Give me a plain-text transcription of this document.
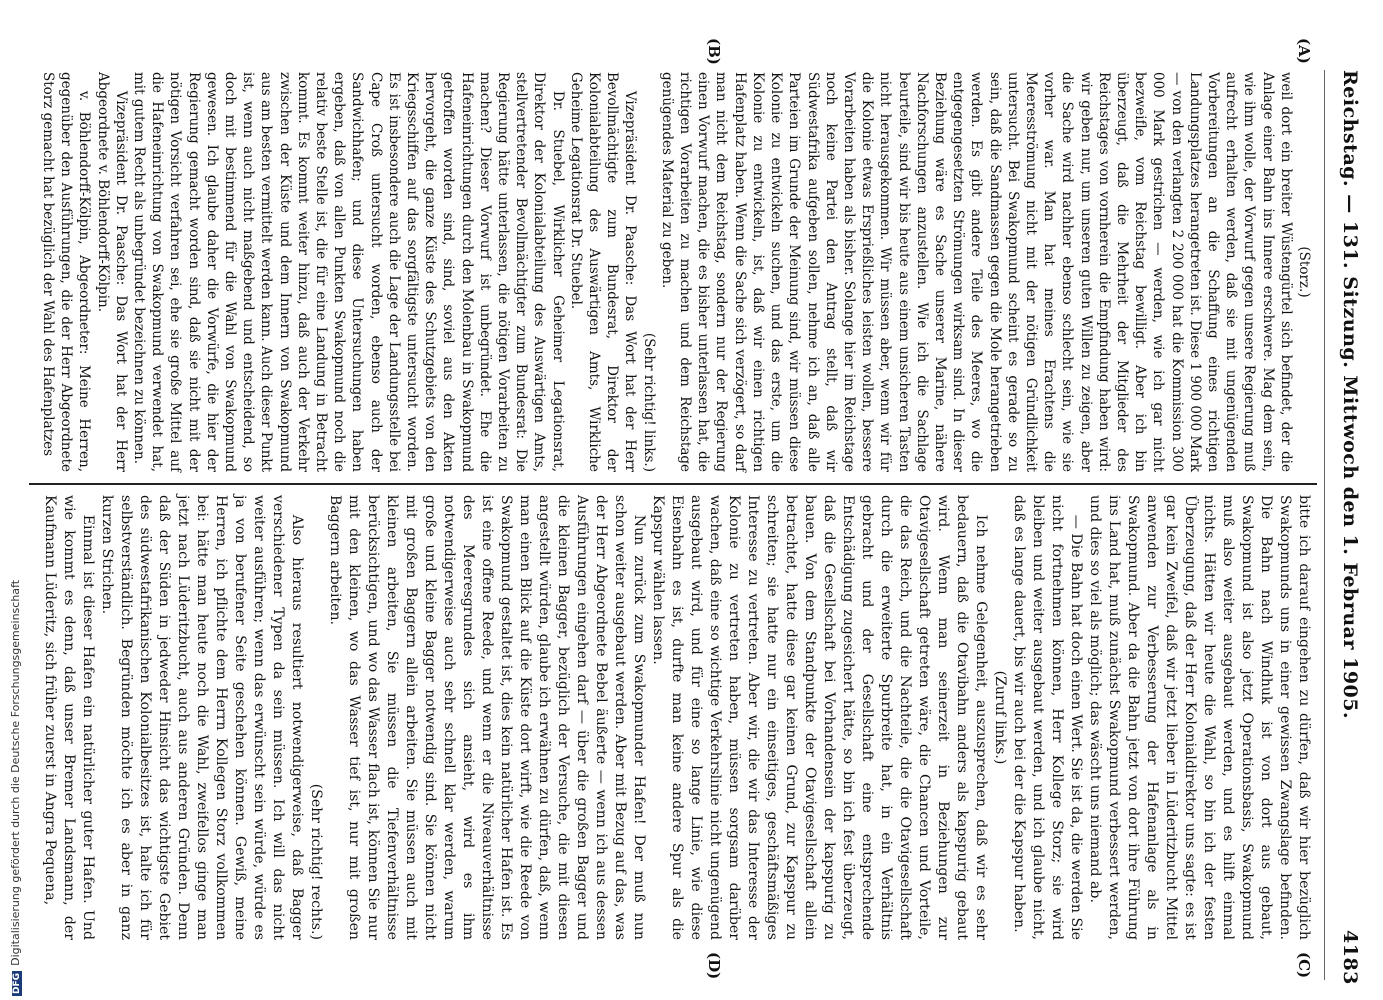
Reichstag. — 131. Sitzung. Mittwoch den 1. Februar 1905.
4183
(A)
(B)
(C)
(D)

(Storz.)

weil dort ein breiter Wüstengürtel sich befindet, der die Anlage einer Bahn ins Innere erschwere. Mag dem sein, wie ihm wolle, der Vorwurf gegen unsere Regierung muß aufrecht erhalten werden, daß sie mit ungenügenden Vorbereitungen an die Schaffung eines richtigen Landungsplatzes herangetreten ist. Diese 1 900 000 Mark — von den verlangten 2 200 000 hat die Kommission 300 000 Mark gestrichen — werden, wie ich gar nicht bezweifle, vom Reichstag bewilligt. Aber ich bin überzeugt, daß die Mehrheit der Mitglieder des Reichstages von vornherein die Empfindung haben wird: wir geben nur, um unseren guten Willen zu zeigen, aber die Sache wird nachher ebenso schlecht sein, wie sie vorher war. Man hat meines Erachtens die Meeresströmung nicht mit der nötigen Gründlichkeit untersucht. Bei Swakopmund scheint es gerade so zu sein, daß die Sandmassen gegen die Mole herangetrieben werden. Es gibt andere Teile des Meeres, wo die entgegengesetzten Strömungen wirksam sind. In dieser Beziehung wäre es Sache unserer Marine, nähere Nachforschungen anzustellen. Wie ich die Sachlage beurteile, sind wir bis heute aus einem unsicheren Tasten nicht herausgekommen. Wir müssen aber, wenn wir für die Kolonie etwas Ersprießliches leisten wollen, bessere Vorarbeiten haben als bisher. Solange hier im Reichstage noch keine Partei den Antrag stellt, daß wir Südwestafrika aufgeben sollen, nehme ich an, daß alle Parteien im Grunde der Meinung sind, wir müssen diese Kolonie zu entwickeln suchen, und das erste, um die Kolonie zu entwickeln, ist, daß wir einen richtigen Hafenplatz haben. Wenn die Sache sich verzögert, so darf man nicht dem Reichstag, sondern nur der Regierung einen Vorwurf machen, die es bisher unterlassen hat, die richtigen Vorarbeiten zu machen und dem Reichstage genügendes Material zu geben.

(Sehr richtig! links.)

Vizepräsident Dr. Paasche: Das Wort hat der Herr Bevollmächtigte zum Bundesrat, Direktor der Kolonialabteilung des Auswärtigen Amts, Wirkliche Geheime Legationsrat Dr. Stuebel.

Dr. Stuebel, Wirklicher Geheimer Legationsrat, Direktor der Kolonialabteilung des Auswärtigen Amts, stellvertretender Bevollmächtigter zum Bundesrat: Die Regierung hätte unterlassen, die nötigen Vorarbeiten zu machen? Dieser Vorwurf ist unbegründet. Ehe die Hafeneinrichtungen durch den Molenbau in Swakopmund getroffen worden sind, sind, soviel aus den Akten hervorgeht, die ganze Küste des Schutzgebiets von den Kriegsschiffen auf das sorgfältigste untersucht worden. Es ist insbesondere auch die Lage der Landungsstelle bei Cape Croß untersucht worden, ebenso auch der Sandwichhafen; und diese Untersuchungen haben ergeben, daß von allen Punkten Swakopmund noch die relativ beste Stelle ist, die für eine Landung in Betracht kommt. Es kommt weiter hinzu, daß auch der Verkehr zwischen der Küste und dem Innern von Swakopmund aus am besten vermittelt werden kann. Auch dieser Punkt ist, wenn auch nicht maßgebend und entscheidend, so doch mit bestimmend für die Wahl von Swakopmund gewesen. Ich glaube daher die Vorwürfe, die hier der Regierung gemacht worden sind, daß sie nicht mit der nötigen Vorsicht verfahren sei, ehe sie große Mittel auf die Hafeneinrichtung von Swakopmund verwendet hat, mit gutem Recht als unbegründet bezeichnen zu können.

Vizepräsident Dr. Paasche: Das Wort hat der Herr Abgeordnete v. Böhlendorff-Kölpin.

v. Böhlendorff-Kölpin, Abgeordneter: Meine Herren, gegenüber den Ausführungen, die der Herr Abgeordnete Storz gemacht hat bezüglich der Wahl des Hafenplatzes

bitte ich darauf eingehen zu dürfen, daß wir hier bezüglich Swakopmunds uns in einer gewissen Zwangslage befinden. Die Bahn nach Windhuk ist von dort aus gebaut, Swakopmund ist also jetzt Operationsbasis, Swakopmund muß also weiter ausgebaut werden, und es hilft einmal nichts. Hätten wir heute die Wahl, so bin ich der festen Überzeugung, daß der Herr Kolonialdirektor uns sagte: es ist gar kein Zweifel, daß wir jetzt lieber in Lüderitzbucht Mittel anwenden zur Verbesserung der Hafenanlage als in Swakopmund. Aber da die Bahn jetzt von dort ihre Führung ins Land hat, muß zunächst Swakopmund verbessert werden, und dies so viel als möglich; das wäscht uns niemand ab.

— Die Bahn hat doch einen Wert. Sie ist da, die werden Sie nicht fortnehmen können, Herr Kollege Storz; sie wird bleiben und weiter ausgebaut werden, und ich glaube nicht, daß es lange dauert, bis wir auch bei der die Kapspur haben.

(Zuruf links.)

Ich nehme Gelegenheit, auszusprechen, daß wir es sehr bedauern, daß die Otavibahn anders als kapspurig gebaut wird. Wenn man seinerzeit in Beziehungen zur Otavigesellschaft getreten wäre, die Chancen und Vorteile, die das Reich, und die Nachteile, die die Otavigesellschaft durch die erweiterte Spurbreite hat, in ein Verhältnis gebracht und der Gesellschaft eine entsprechende Entschädigung zugesichert hätte, so bin ich fest überzeugt, daß die Gesellschaft bei Vorhandensein der kapspurig zu bauen. Von dem Standpunkte der Otavigesellschaft allein betrachtet, hatte diese gar keinen Grund, zur Kapspur zu schreiten; sie hatte nur ein einseitiges, geschäftsmäßiges Interesse zu vertreten. Aber wir, die wir das Interesse der Kolonie zu vertreten haben, müssen sorgsam darüber wachen, daß eine so wichtige Verkehrslinie nicht ungenügend ausgebaut wird, und für eine so lange Linie, wie diese Eisenbahn es ist, durfte man keine andere Spur als die Kapspur wählen lassen.

Nun zurück zum Swakopmunder Hafen! Der muß nun schon weiter ausgebaut werden. Aber mit Bezug auf das, was der Herr Abgeordnete Bebel äußerte — wenn ich aus dessen Ausführungen eingehen darf — über die großen Bagger und die kleinen Bagger, bezüglich der Versuche, die mit diesen angestellt würden, glaube ich erwähnen zu dürfen, daß, wenn man einen Blick auf die Küste dort wirft, wie die Reede von Swakopmund gestaltet ist, dies kein natürlicher Hafen ist. Es ist eine offene Reede, und wenn er die Niveauverhältnisse des Meeresgrundes sich ansieht, wird es ihm notwendigerweise auch sehr schnell klar werden, warum große und kleine Bagger notwendig sind. Sie können nicht mit großen Baggern allein arbeiten. Sie müssen auch mit kleinen arbeiten, Sie müssen die Tiefenverhältnisse berücksichtigen, und wo das Wasser flach ist, können Sie nur mit den kleinen, wo das Wasser tief ist, nur mit großen Baggern arbeiten.

(Sehr richtig! rechts.)

Also hieraus resultiert notwendigerweise, daß Bagger verschiedener Typen da sein müssen. Ich will das nicht weiter ausführen; wenn das erwünscht sein würde, würde es ja von berufener Seite geschehen können. Gewiß, meine Herren, ich pflichte dem Herrn Kollegen Storz vollkommen bei: hätte man heute noch die Wahl, zweifellos ginge man jetzt nach Lüderitzbucht, auch aus anderen Gründen. Denn daß der Süden in jedweder Hinsicht das wichtigste Gebiet des südwestafrikanischen Kolonialbesitzes ist, halte ich für selbstverständlich. Begründen möchte ich es aber in ganz kurzen Strichen.

Einmal ist dieser Hafen ein natürlicher guter Hafen. Und wie kommt es denn, daß unser Bremer Landsmann, der Kaufmann Lüderitz, sich früher zuerst in Angra Pequena,

DFG Digitalisierung gefördert durch die Deutsche Forschungsgemeinschaft
